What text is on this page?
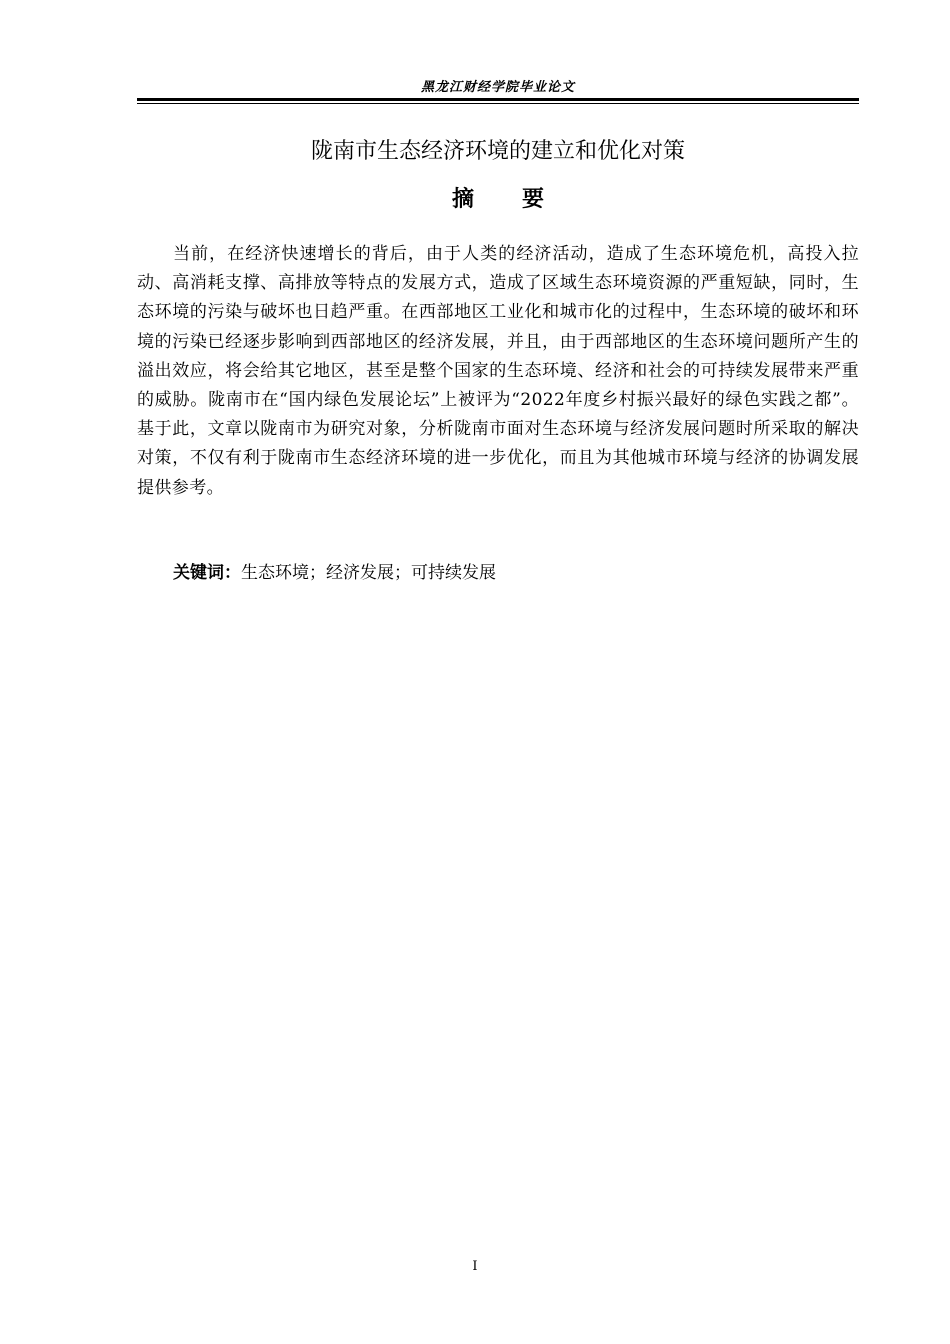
黑龙江财经学院毕业论文
陇南市生态经济环境的建立和优化对策
摘要
当前，在经济快速增长的背后，由于人类的经济活动，造成了生态环境危机，高投入拉动、高消耗支撑、高排放等特点的发展方式，造成了区域生态环境资源的严重短缺，同时，生态环境的污染与破坏也日趋严重。在西部地区工业化和城市化的过程中，生态环境的破坏和环境的污染已经逐步影响到西部地区的经济发展，并且，由于西部地区的生态环境问题所产生的溢出效应，将会给其它地区，甚至是整个国家的生态环境、经济和社会的可持续发展带来严重的威胁。陇南市在“国内绿色发展论坛”上被评为“2022年度乡村振兴最好的绿色实践之都”。基于此，文章以陇南市为研究对象，分析陇南市面对生态环境与经济发展问题时所采取的解决对策，不仅有利于陇南市生态经济环境的进一步优化，而且为其他城市环境与经济的协调发展提供参考。
关键词：生态环境；经济发展；可持续发展
I
